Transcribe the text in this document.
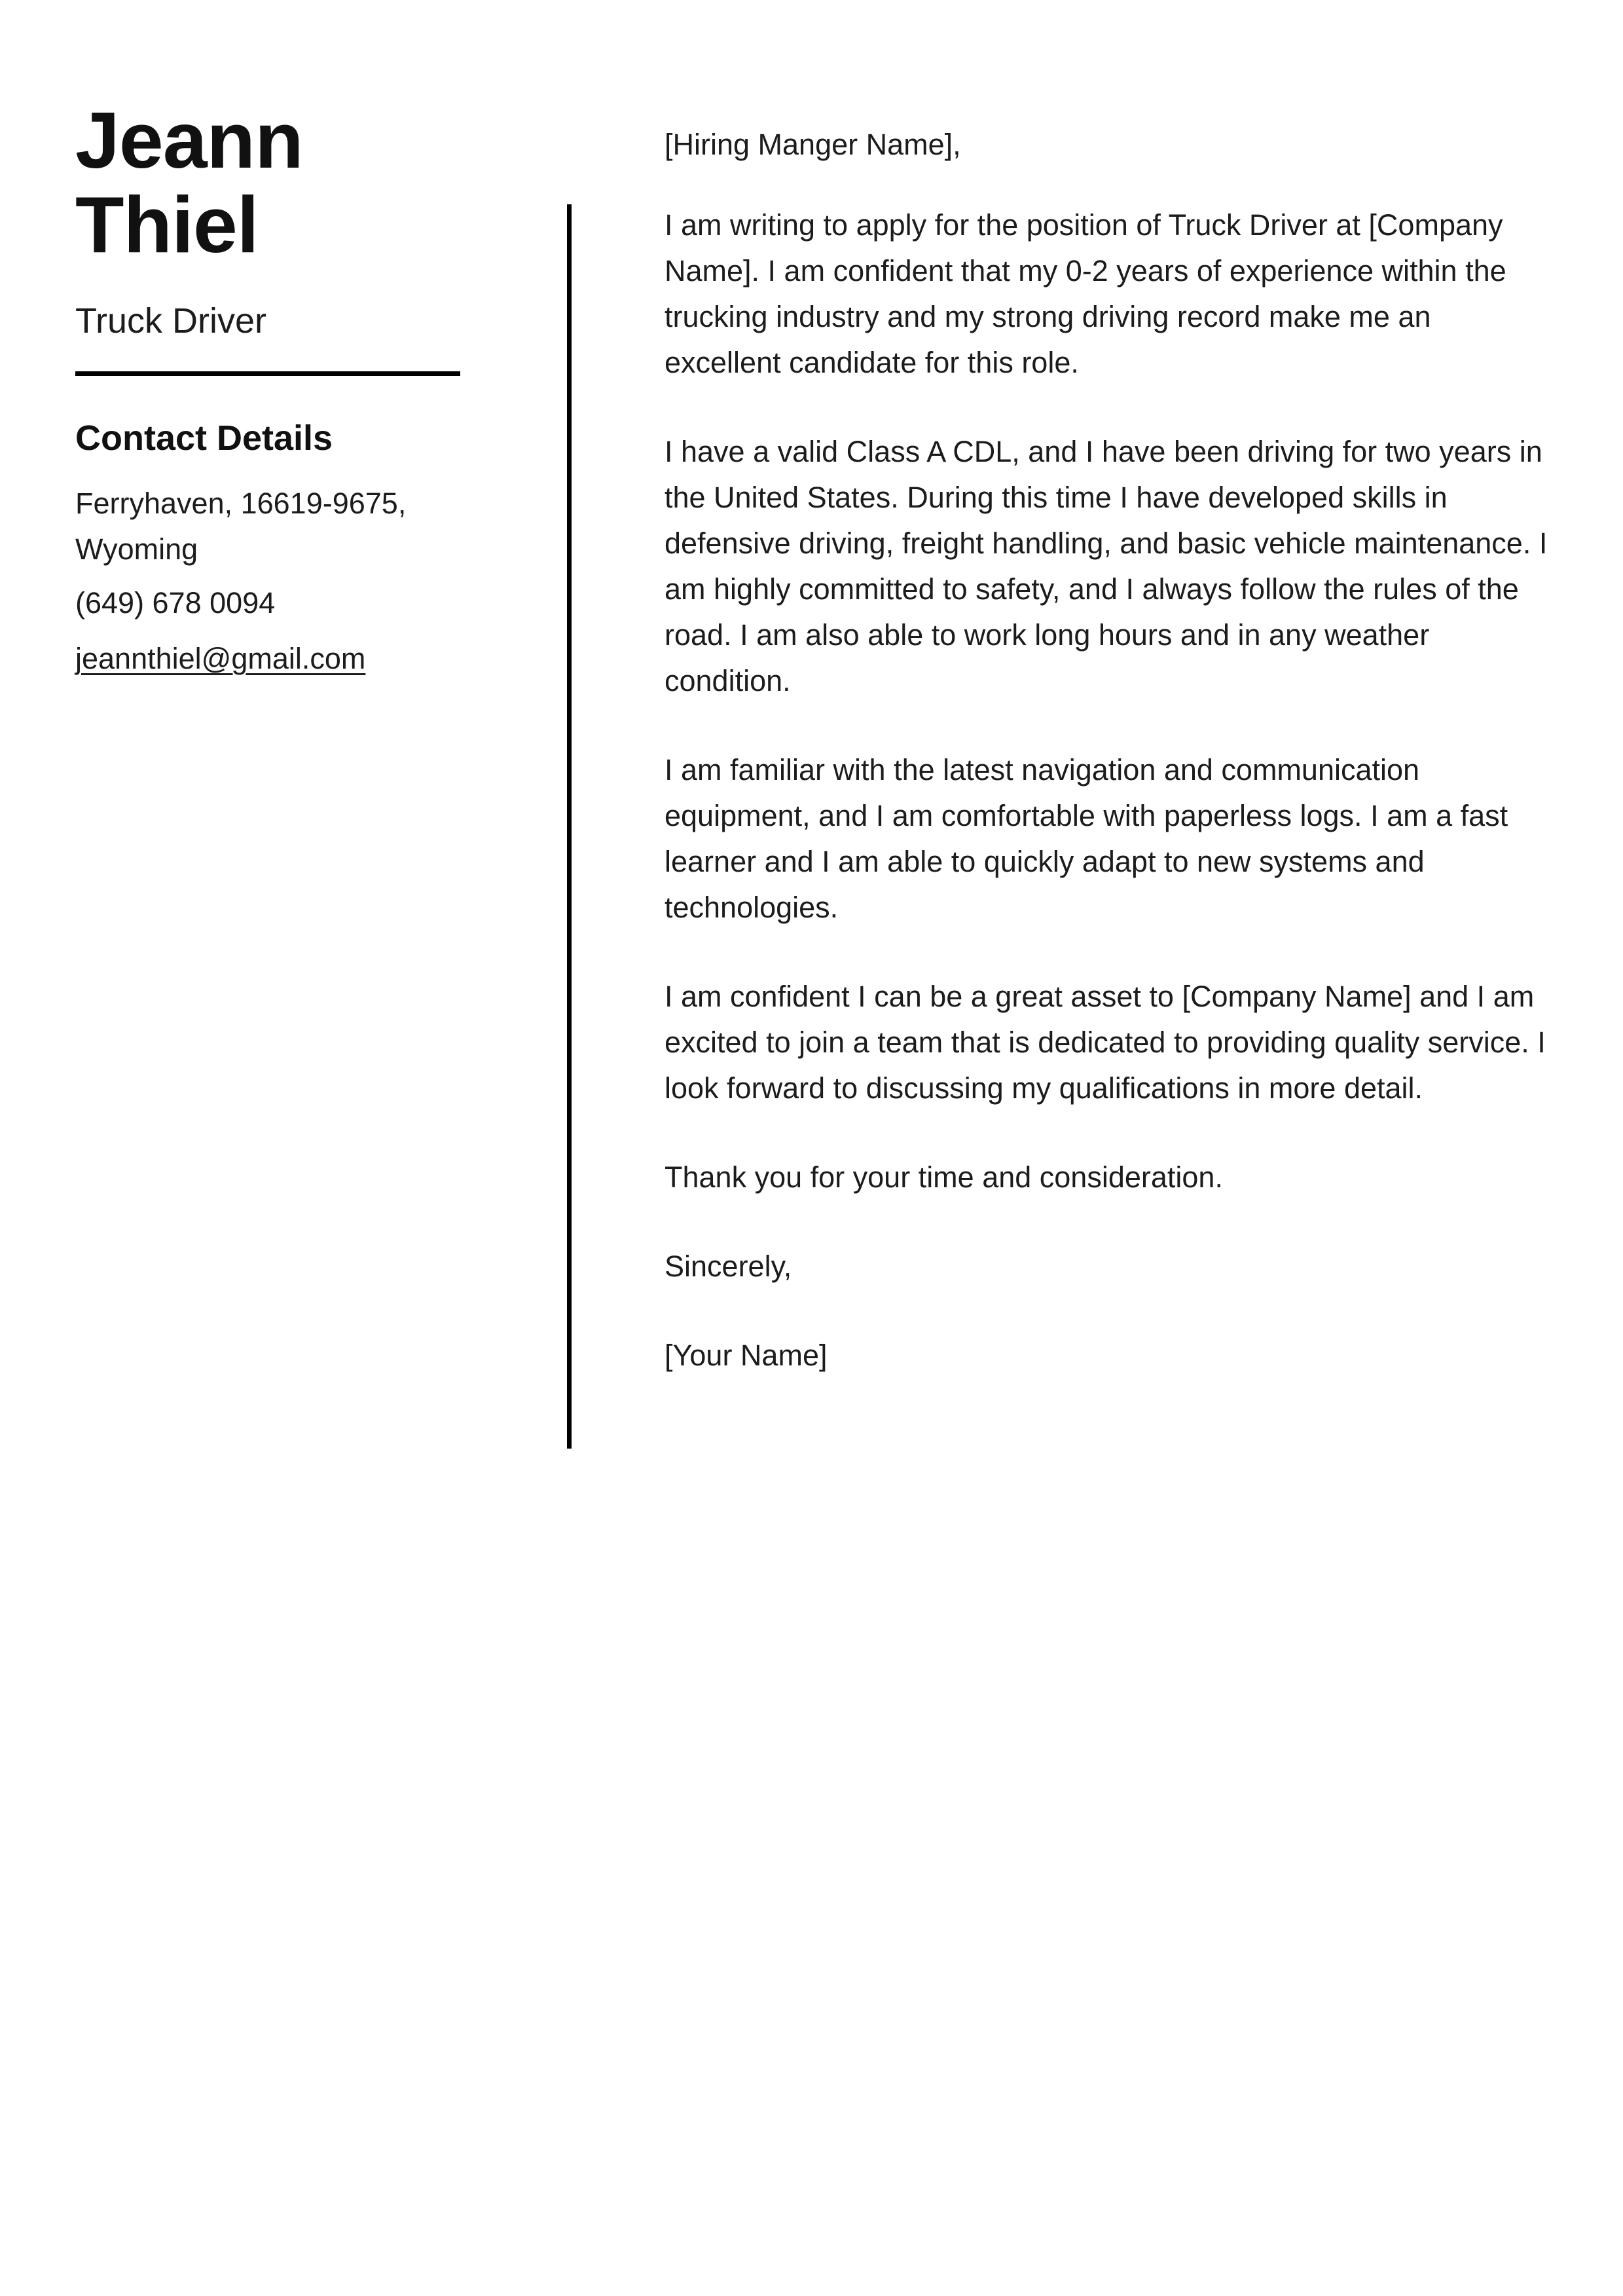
Jeann Thiel
Truck Driver
Contact Details
Ferryhaven, 16619-9675, Wyoming
(649) 678 0094
jeannthiel@gmail.com

[Hiring Manger Name],

I am writing to apply for the position of Truck Driver at [Company Name]. I am confident that my 0-2 years of experience within the trucking industry and my strong driving record make me an excellent candidate for this role.

I have a valid Class A CDL, and I have been driving for two years in the United States. During this time I have developed skills in defensive driving, freight handling, and basic vehicle maintenance. I am highly committed to safety, and I always follow the rules of the road. I am also able to work long hours and in any weather condition.

I am familiar with the latest navigation and communication equipment, and I am comfortable with paperless logs. I am a fast learner and I am able to quickly adapt to new systems and technologies.

I am confident I can be a great asset to [Company Name] and I am excited to join a team that is dedicated to providing quality service. I look forward to discussing my qualifications in more detail.

Thank you for your time and consideration.

Sincerely,

[Your Name]
